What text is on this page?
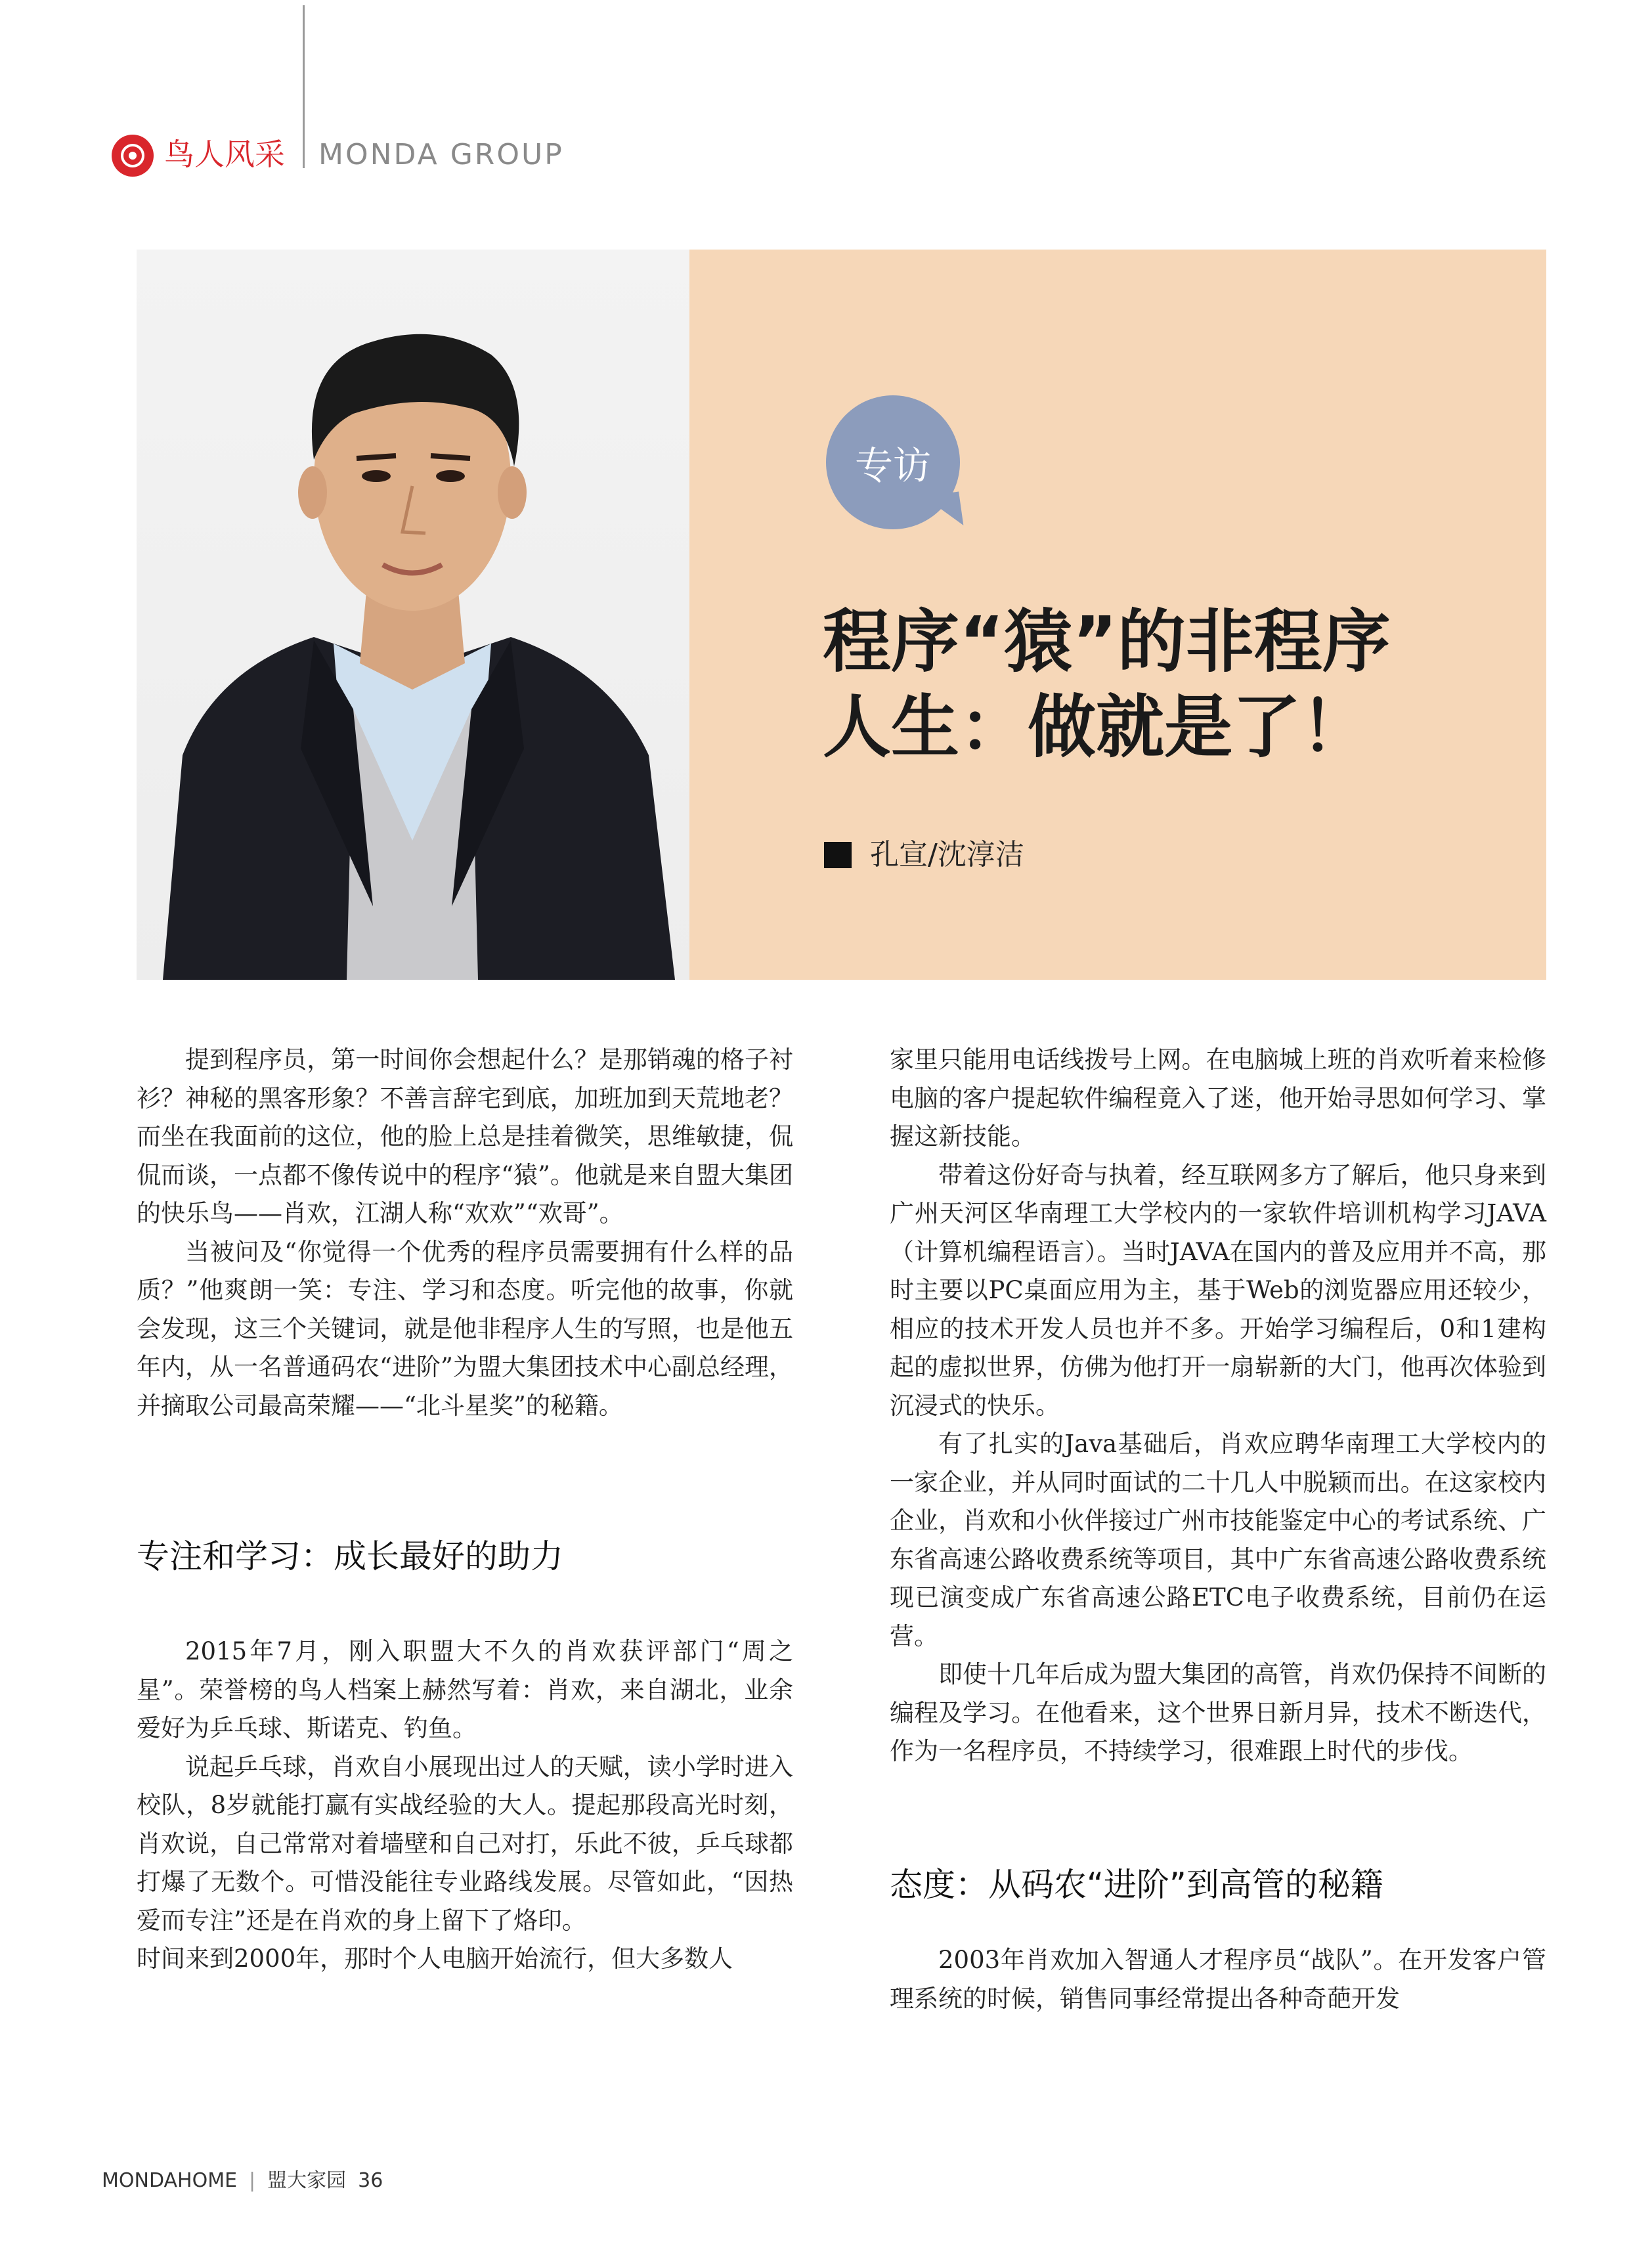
鸟人风采 MONDA GROUP
专访
程序“猿”的非程序
人生：做就是了！
孔宣/沈淳洁

提到程序员，第一时间你会想起什么？是那销魂的格子衬衫？神秘的黑客形象？不善言辞宅到底，加班加到天荒地老？而坐在我面前的这位，他的脸上总是挂着微笑，思维敏捷，侃侃而谈，一点都不像传说中的程序“猿”。他就是来自盟大集团的快乐鸟——肖欢，江湖人称“欢欢”“欢哥”。

当被问及“你觉得一个优秀的程序员需要拥有什么样的品质？”他爽朗一笑：专注、学习和态度。听完他的故事，你就会发现，这三个关键词，就是他非程序人生的写照，也是他五年内，从一名普通码农“进阶”为盟大集团技术中心副总经理，并摘取公司最高荣耀——“北斗星奖”的秘籍。

专注和学习：成长最好的助力

2015年7月，刚入职盟大不久的肖欢获评部门“周之星”。荣誉榜的鸟人档案上赫然写着：肖欢，来自湖北，业余爱好为乒乓球、斯诺克、钓鱼。

说起乒乓球，肖欢自小展现出过人的天赋，读小学时进入校队，8岁就能打赢有实战经验的大人。提起那段高光时刻，肖欢说，自己常常对着墙壁和自己对打，乐此不彼，乒乓球都打爆了无数个。可惜没能往专业路线发展。尽管如此，“因热爱而专注”还是在肖欢的身上留下了烙印。

时间来到2000年，那时个人电脑开始流行，但大多数人

家里只能用电话线拨号上网。在电脑城上班的肖欢听着来检修电脑的客户提起软件编程竟入了迷，他开始寻思如何学习、掌握这新技能。

带着这份好奇与执着，经互联网多方了解后，他只身来到广州天河区华南理工大学校内的一家软件培训机构学习JAVA（计算机编程语言）。当时JAVA在国内的普及应用并不高，那时主要以PC桌面应用为主，基于Web的浏览器应用还较少，相应的技术开发人员也并不多。开始学习编程后，0和1建构起的虚拟世界，仿佛为他打开一扇崭新的大门，他再次体验到沉浸式的快乐。

有了扎实的Java基础后，肖欢应聘华南理工大学校内的一家企业，并从同时面试的二十几人中脱颖而出。在这家校内企业，肖欢和小伙伴接过广州市技能鉴定中心的考试系统、广东省高速公路收费系统等项目，其中广东省高速公路收费系统现已演变成广东省高速公路ETC电子收费系统，目前仍在运营。

即使十几年后成为盟大集团的高管，肖欢仍保持不间断的编程及学习。在他看来，这个世界日新月异，技术不断迭代，作为一名程序员，不持续学习，很难跟上时代的步伐。

态度：从码农“进阶”到高管的秘籍

2003年肖欢加入智通人才程序员“战队”。在开发客户管理系统的时候，销售同事经常提出各种奇葩开发

MONDAHOME | 盟大家园 36
